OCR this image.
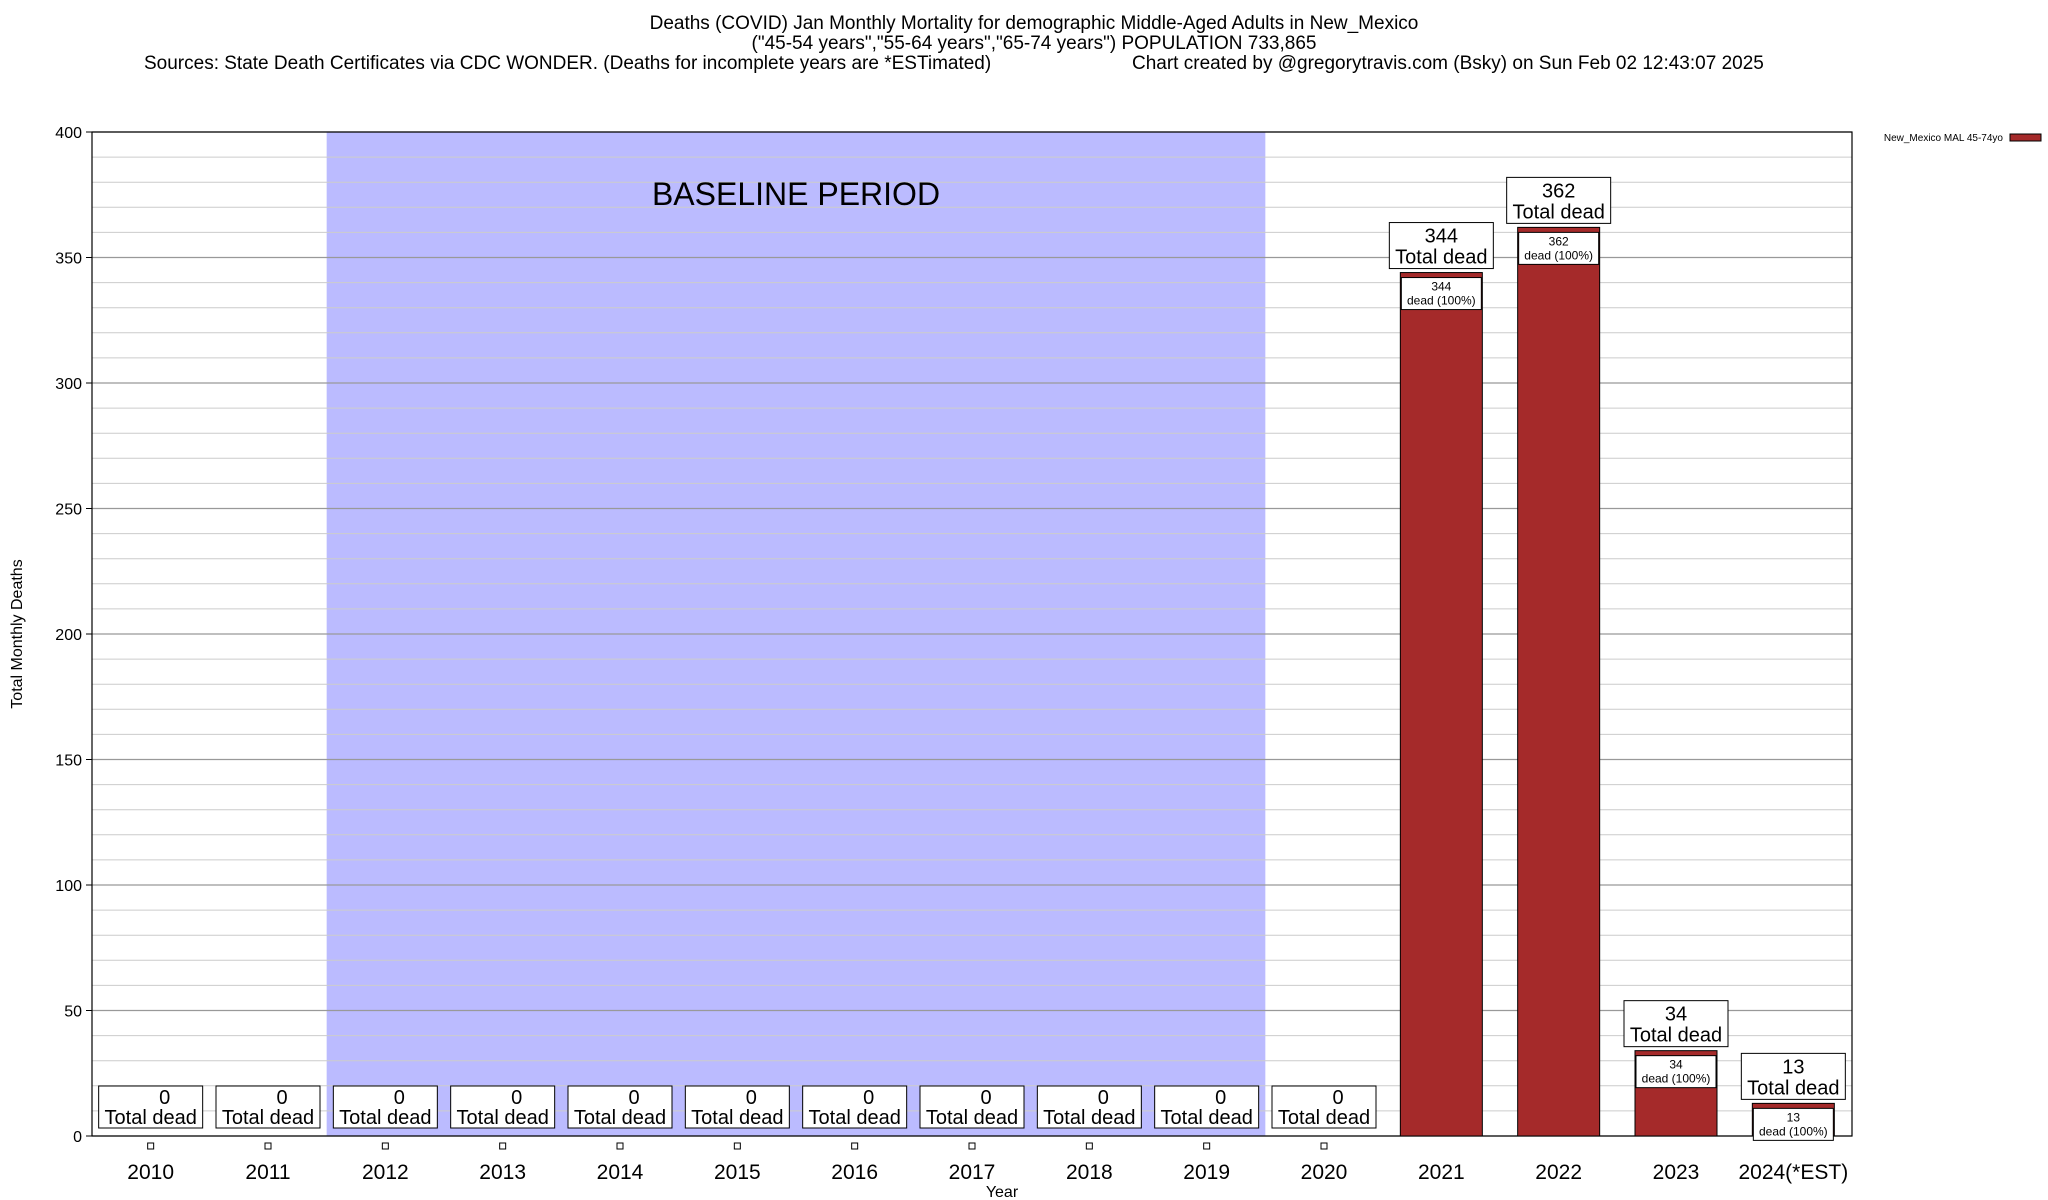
Deaths (COVID) Jan Monthly Mortality for demographic Middle-Aged Adults in New_Mexico
("45-54 years","55-64 years","65-74 years") POPULATION 733,865
Sources: State Death Certificates via CDC WONDER. (Deaths for incomplete years are *ESTimated)	Chart created by @gregorytravis.com (Bsky) on Sun Feb 02 12:43:07 2025
0
50
100
150
200
250
300
350
400
BASELINE PERIOD
0
Total dead
2010
0
Total dead
2011
0
Total dead
2012
0
Total dead
2013
0
Total dead
2014
0
Total dead
2015
0
Total dead
2016
0
Total dead
2017
0
Total dead
2018
0
Total dead
2019
0
Total dead
2020
344
dead (100%)
344
Total dead
2021
362
dead (100%)
362
Total dead
2022
34
dead (100%)
34
Total dead
2023
13
dead (100%)
13
Total dead
2024(*EST)
Year
Total Monthly Deaths
New_Mexico MAL 45-74yo
